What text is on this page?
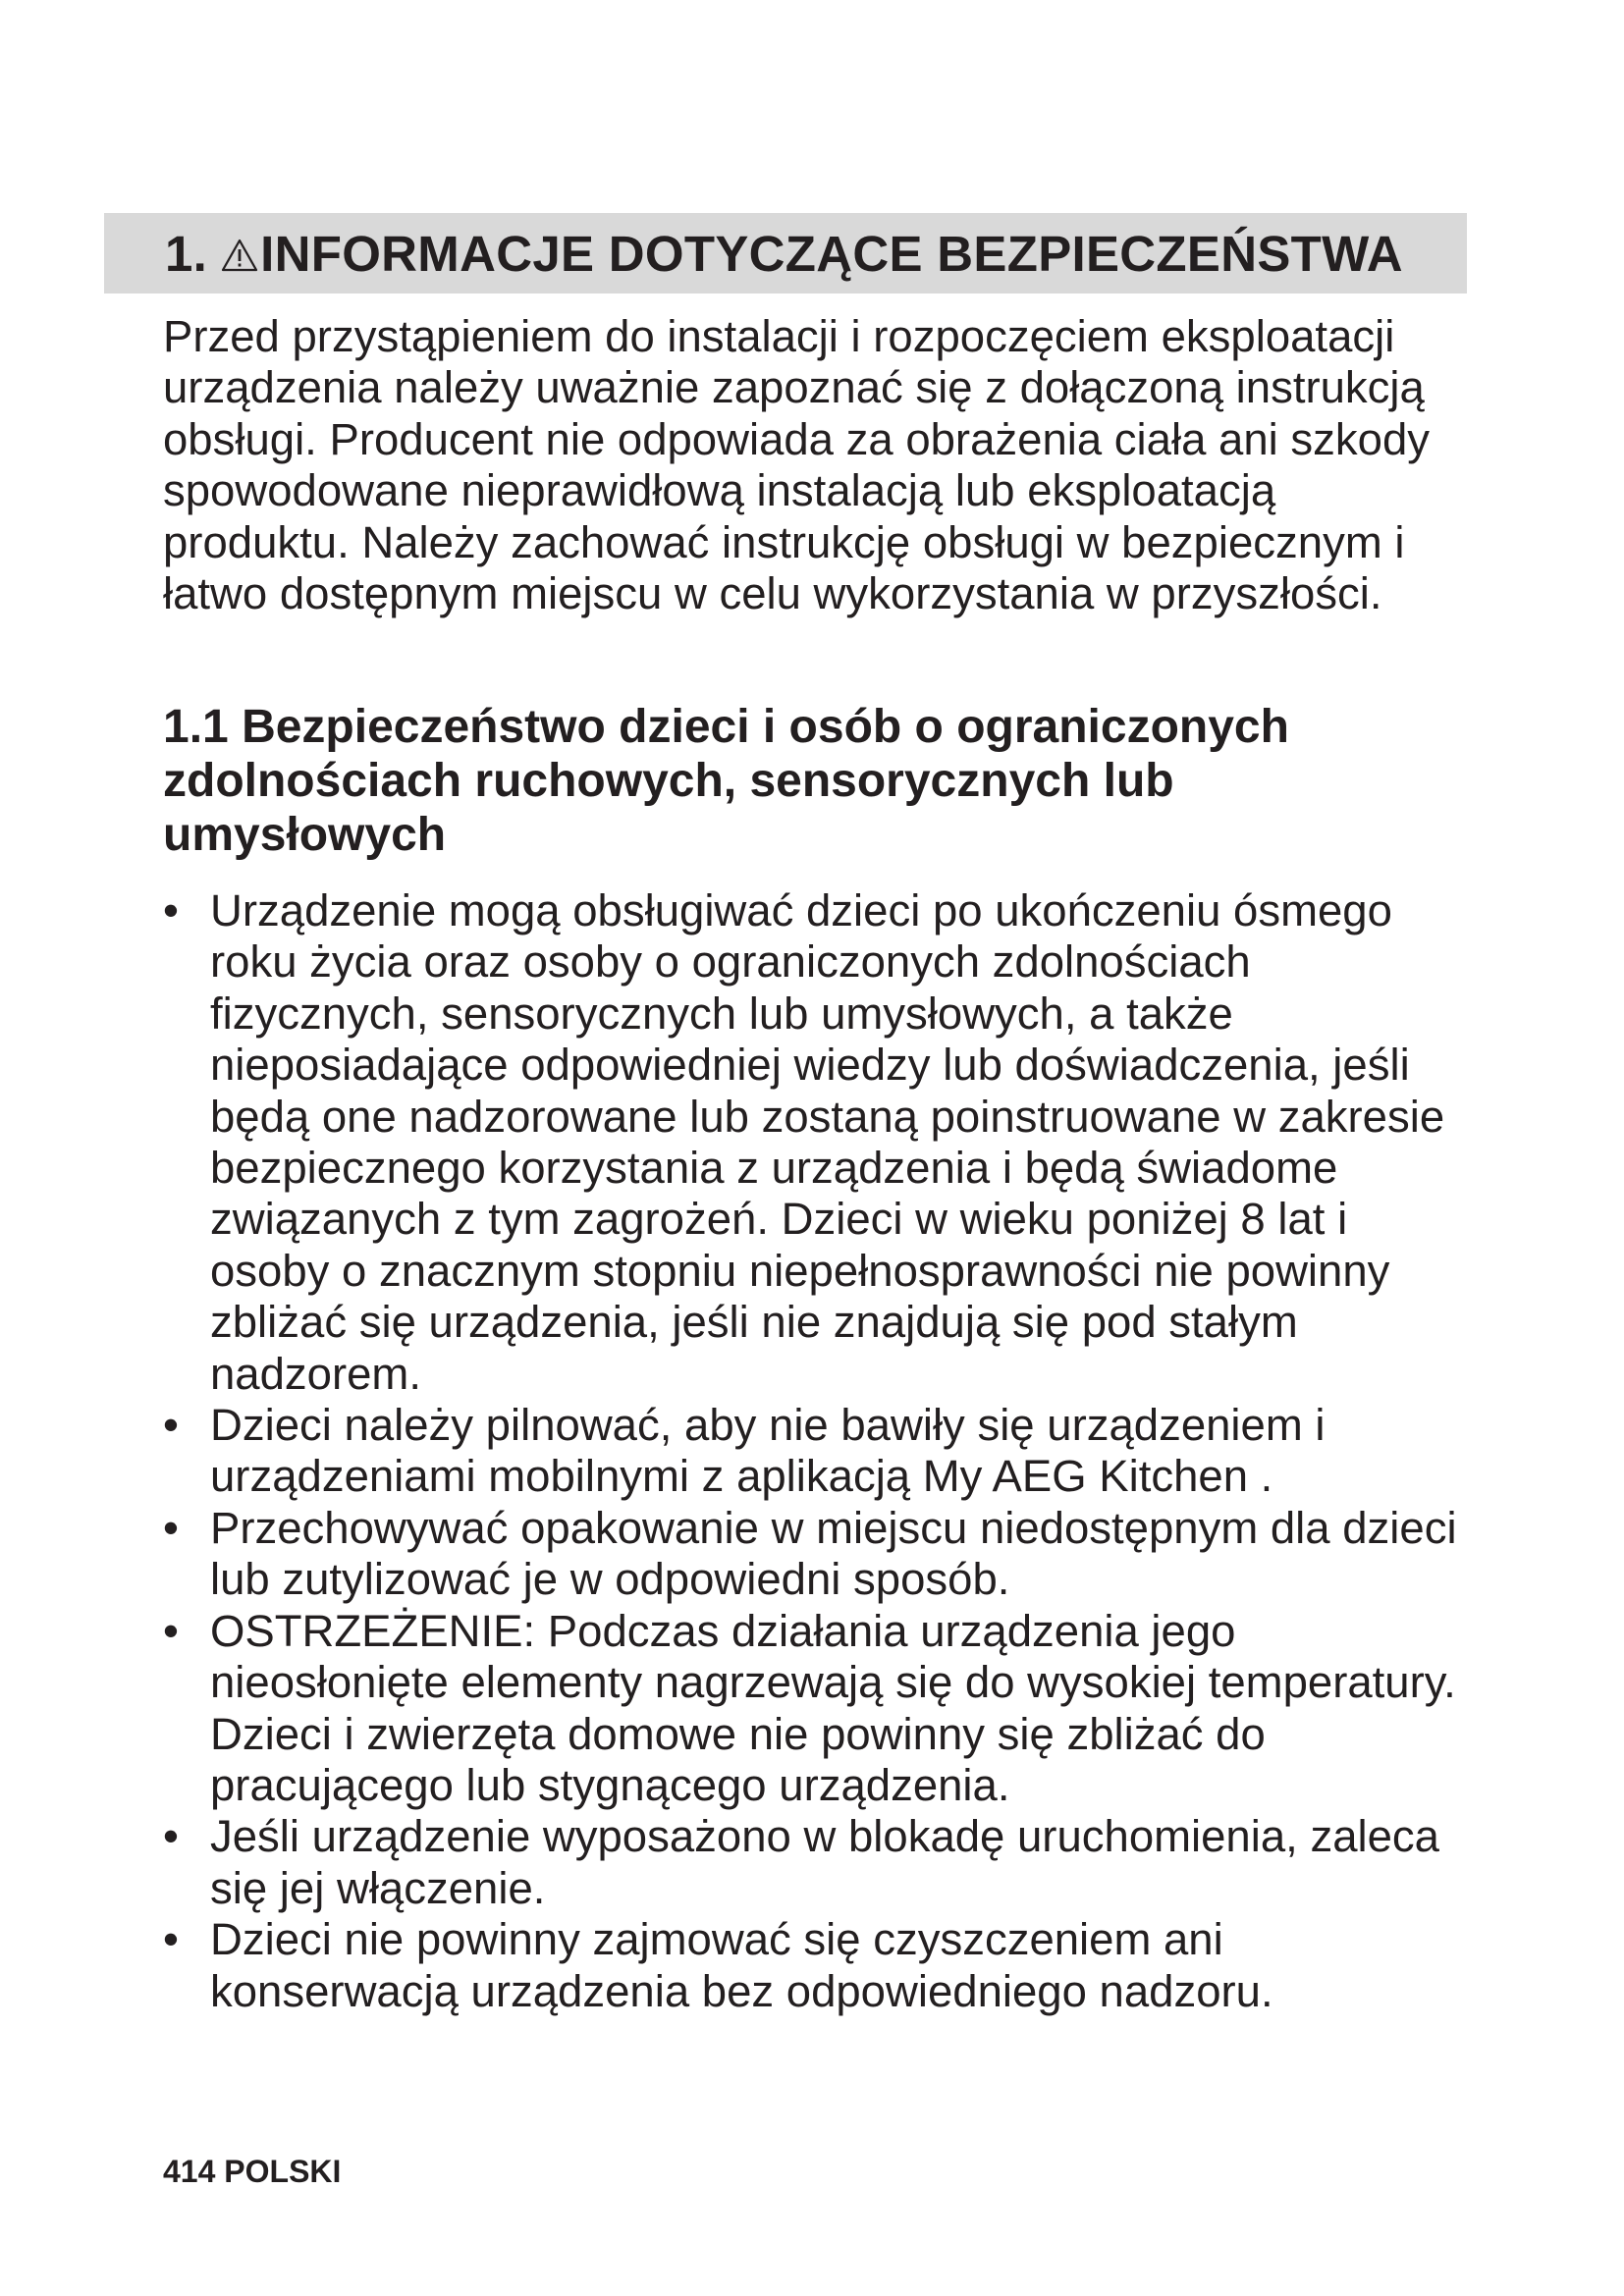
1. INFORMACJE DOTYCZĄCE BEZPIECZEŃSTWA

Przed przystąpieniem do instalacji i rozpoczęciem eksploatacji urządzenia należy uważnie zapoznać się z dołączoną instrukcją obsługi. Producent nie odpowiada za obrażenia ciała ani szkody spowodowane nieprawidłową instalacją lub eksploatacją produktu. Należy zachować instrukcję obsługi w bezpiecznym i łatwo dostępnym miejscu w celu wykorzystania w przyszłości.

1.1 Bezpieczeństwo dzieci i osób o ograniczonych zdolnościach ruchowych, sensorycznych lub umysłowych
• Urządzenie mogą obsługiwać dzieci po ukończeniu ósmego roku życia oraz osoby o ograniczonych zdolnościach fizycznych, sensorycznych lub umysłowych, a także nieposiadające odpowiedniej wiedzy lub doświadczenia, jeśli będą one nadzorowane lub zostaną poinstruowane w zakresie bezpiecznego korzystania z urządzenia i będą świadome związanych z tym zagrożeń. Dzieci w wieku poniżej 8 lat i osoby o znacznym stopniu niepełnosprawności nie powinny zbliżać się urządzenia, jeśli nie znajdują się pod stałym nadzorem.
• Dzieci należy pilnować, aby nie bawiły się urządzeniem i urządzeniami mobilnymi z aplikacją My AEG Kitchen .
• Przechowywać opakowanie w miejscu niedostępnym dla dzieci lub zutylizować je w odpowiedni sposób.
• OSTRZEŻENIE: Podczas działania urządzenia jego nieosłonięte elementy nagrzewają się do wysokiej temperatury. Dzieci i zwierzęta domowe nie powinny się zbliżać do pracującego lub stygnącego urządzenia.
• Jeśli urządzenie wyposażono w blokadę uruchomienia, zaleca się jej włączenie.
• Dzieci nie powinny zajmować się czyszczeniem ani konserwacją urządzenia bez odpowiedniego nadzoru.
414 POLSKI
